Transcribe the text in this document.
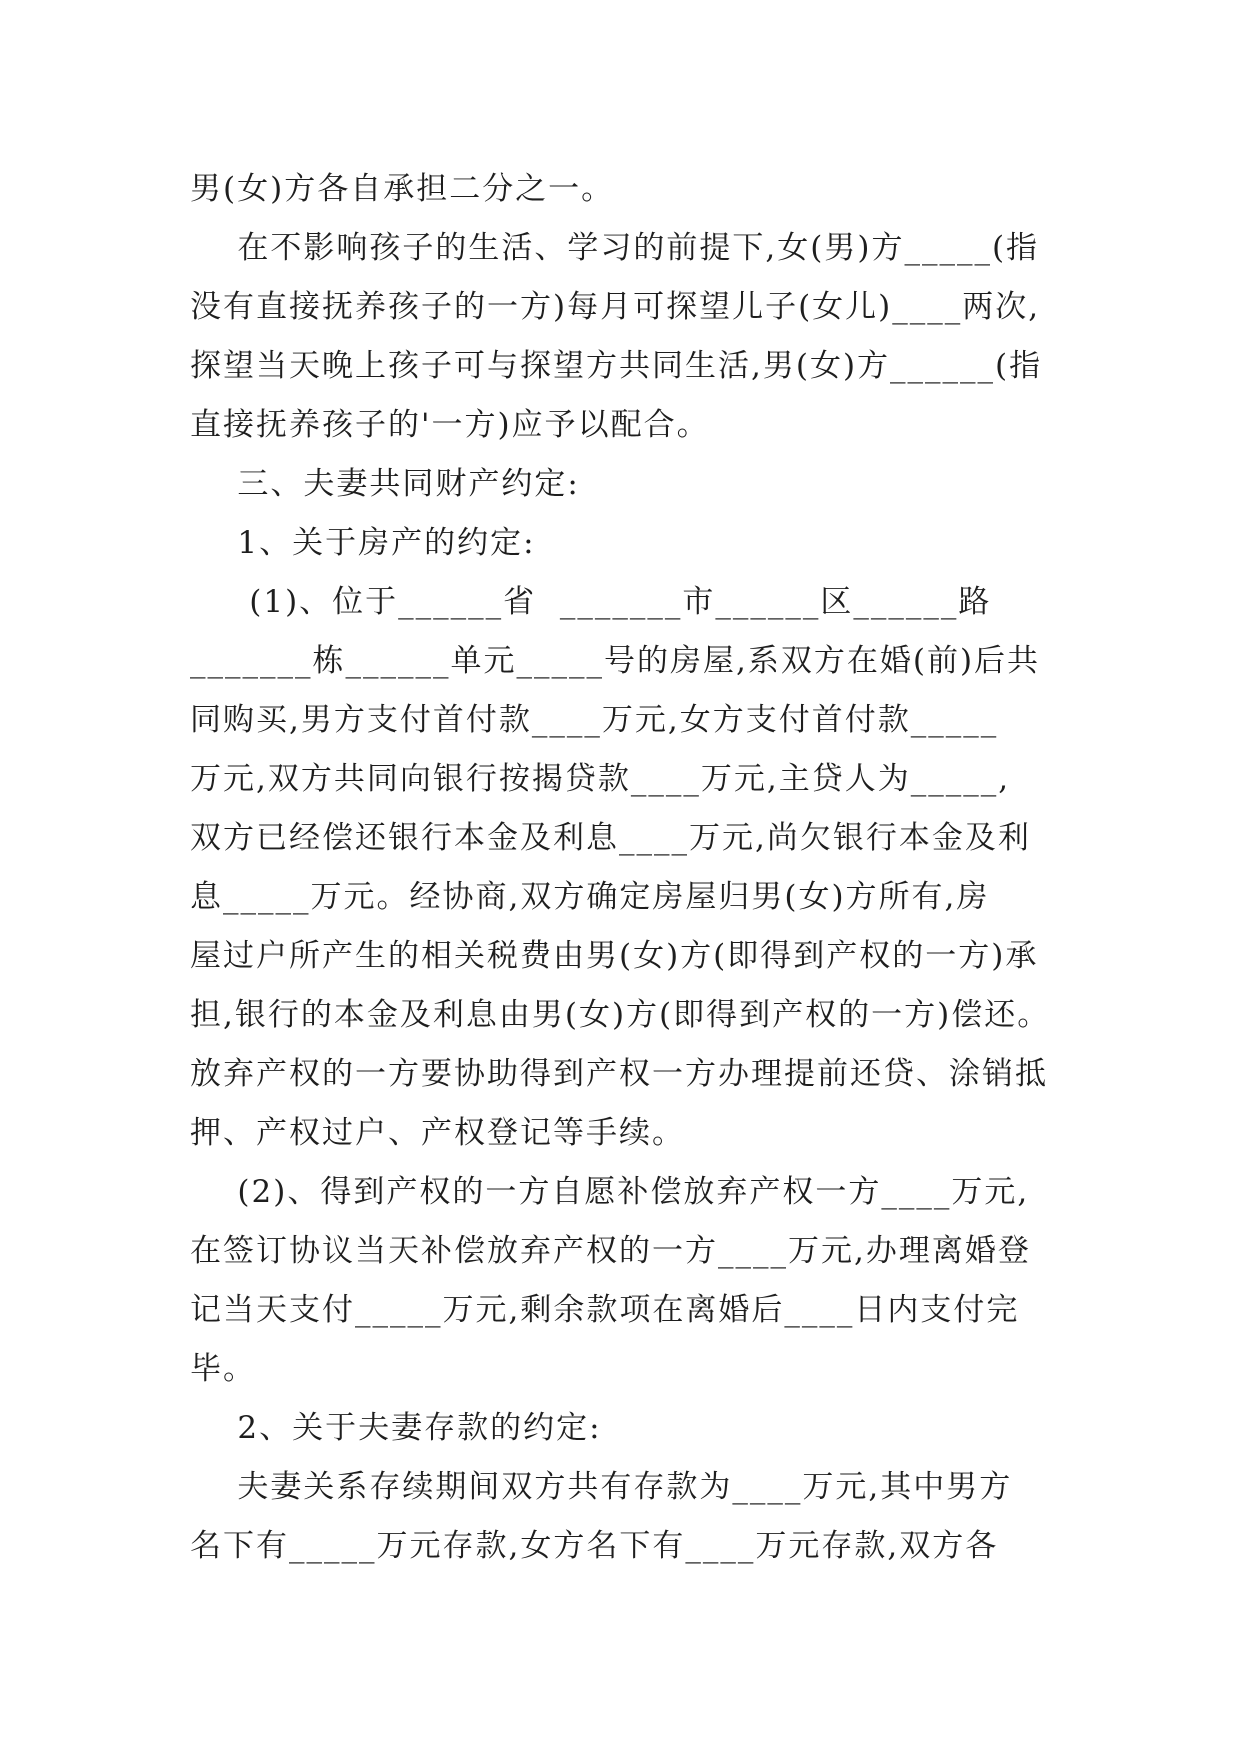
男(女)方各自承担二分之一。
在不影响孩子的生活、学习的前提下,女(男)方_____(指
没有直接抚养孩子的一方)每月可探望儿子(女儿)____两次,
探望当天晚上孩子可与探望方共同生活,男(女)方______(指
直接抚养孩子的'一方)应予以配合。
三、夫妻共同财产约定:
1、关于房产的约定:
(1)、位于______省  _______市______区______路
_______栋______单元_____号的房屋,系双方在婚(前)后共
同购买,男方支付首付款____万元,女方支付首付款_____
万元,双方共同向银行按揭贷款____万元,主贷人为_____,
双方已经偿还银行本金及利息____万元,尚欠银行本金及利
息_____万元。经协商,双方确定房屋归男(女)方所有,房
屋过户所产生的相关税费由男(女)方(即得到产权的一方)承
担,银行的本金及利息由男(女)方(即得到产权的一方)偿还。
放弃产权的一方要协助得到产权一方办理提前还贷、涂销抵
押、产权过户、产权登记等手续。
(2)、得到产权的一方自愿补偿放弃产权一方____万元,
在签订协议当天补偿放弃产权的一方____万元,办理离婚登
记当天支付_____万元,剩余款项在离婚后____日内支付完
毕。
2、关于夫妻存款的约定:
夫妻关系存续期间双方共有存款为____万元,其中男方
名下有_____万元存款,女方名下有____万元存款,双方各
